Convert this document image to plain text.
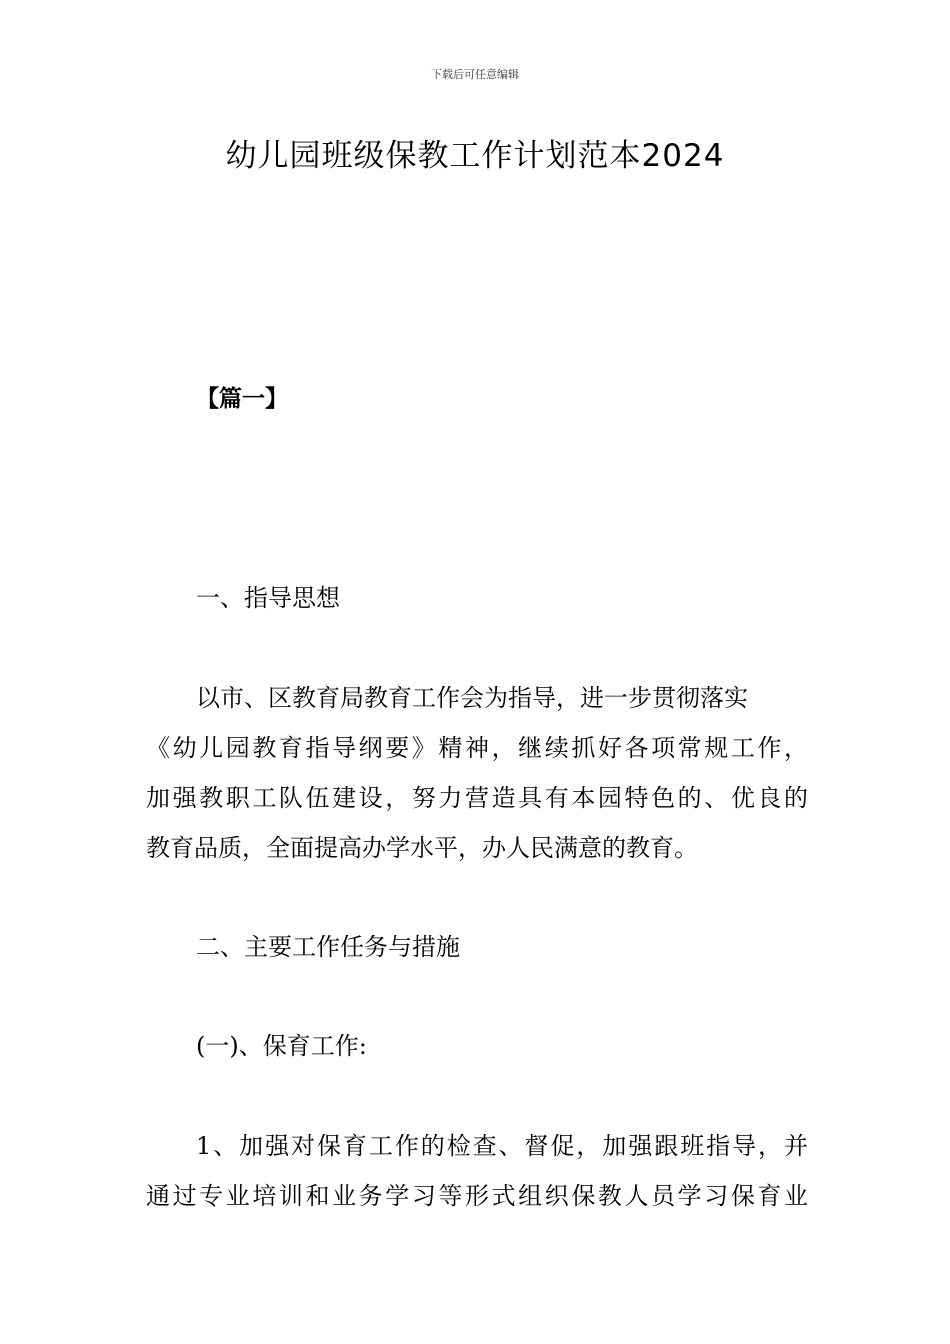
下载后可任意编辑
幼儿园班级保教工作计划范本2024
【篇一】
一、指导思想
以市、区教育局教育工作会为指导，进一步贯彻落实
《幼儿园教育指导纲要》精神，继续抓好各项常规工作，
加强教职工队伍建设，努力营造具有本园特色的、优良的
教育品质，全面提高办学水平，办人民满意的教育。
二、主要工作任务与措施
(一)、保育工作:
1、加强对保育工作的检查、督促，加强跟班指导，并
通过专业培训和业务学习等形式组织保教人员学习保育业
